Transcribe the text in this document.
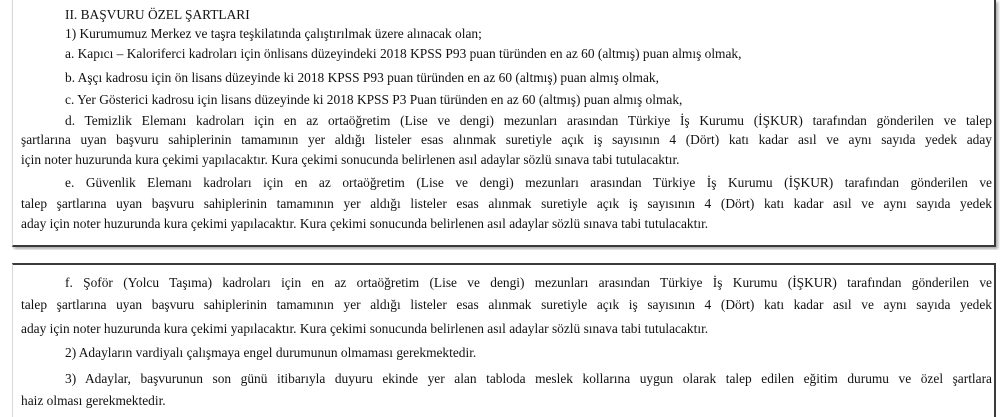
II. BAŞVURU ÖZEL ŞARTLARI
1) Kurumumuz Merkez ve taşra teşkilatında çalıştırılmak üzere alınacak olan;
a. Kapıcı – Kaloriferci kadroları için önlisans düzeyindeki 2018 KPSS P93 puan türünden en az 60 (altmış) puan almış olmak,
b. Aşçı kadrosu için ön lisans düzeyinde ki 2018 KPSS P93 puan türünden en az 60 (altmış) puan almış olmak,
c. Yer Gösterici kadrosu için lisans düzeyinde ki 2018 KPSS P3 Puan türünden en az 60 (altmış) puan almış olmak,
d. Temizlik Elemanı kadroları için en az ortaöğretim (Lise ve dengi) mezunları arasından Türkiye İş Kurumu (İŞKUR) tarafından gönderilen ve talep
şartlarına uyan başvuru sahiplerinin tamamının yer aldığı listeler esas alınmak suretiyle açık iş sayısının 4 (Dört) katı kadar asıl ve aynı sayıda yedek aday
için noter huzurunda kura çekimi yapılacaktır. Kura çekimi sonucunda belirlenen asıl adaylar sözlü sınava tabi tutulacaktır.
e. Güvenlik Elemanı kadroları için en az ortaöğretim (Lise ve dengi) mezunları arasından Türkiye İş Kurumu (İŞKUR) tarafından gönderilen ve
talep şartlarına uyan başvuru sahiplerinin tamamının yer aldığı listeler esas alınmak suretiyle açık iş sayısının 4 (Dört) katı kadar asıl ve aynı sayıda yedek
aday için noter huzurunda kura çekimi yapılacaktır. Kura çekimi sonucunda belirlenen asıl adaylar sözlü sınava tabi tutulacaktır.
f. Şoför (Yolcu Taşıma) kadroları için en az ortaöğretim (Lise ve dengi) mezunları arasından Türkiye İş Kurumu (İŞKUR) tarafından gönderilen ve
talep şartlarına uyan başvuru sahiplerinin tamamının yer aldığı listeler esas alınmak suretiyle açık iş sayısının 4 (Dört) katı kadar asıl ve aynı sayıda yedek
aday için noter huzurunda kura çekimi yapılacaktır. Kura çekimi sonucunda belirlenen asıl adaylar sözlü sınava tabi tutulacaktır.
2) Adayların vardiyalı çalışmaya engel durumunun olmaması gerekmektedir.
3) Adaylar, başvurunun son günü itibarıyla duyuru ekinde yer alan tabloda meslek kollarına uygun olarak talep edilen eğitim durumu ve özel şartlara
haiz olması gerekmektedir.
